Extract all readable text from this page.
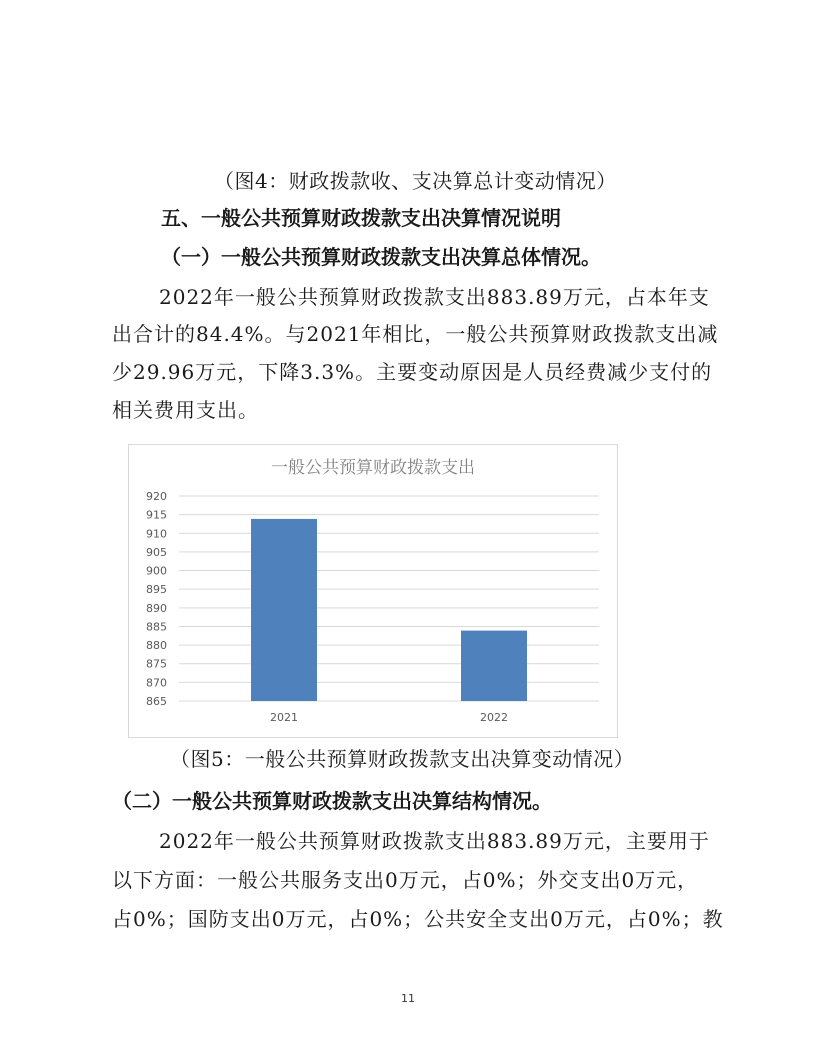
（图4：财政拨款收、支决算总计变动情况）
五、一般公共预算财政拨款支出决算情况说明
（一）一般公共预算财政拨款支出决算总体情况。
2022年一般公共预算财政拨款支出883.89万元，占本年支
出合计的84.4%。与2021年相比，一般公共预算财政拨款支出减
少29.96万元，下降3.3%。主要变动原因是人员经费减少支付的
相关费用支出。
一般公共预算财政拨款支出
865
870
875
880
885
890
895
900
905
910
915
920
2021	2022
（图5：一般公共预算财政拨款支出决算变动情况）
（二）一般公共预算财政拨款支出决算结构情况。
2022年一般公共预算财政拨款支出883.89万元，主要用于
以下方面：一般公共服务支出0万元，占0%；外交支出0万元，
占0%；国防支出0万元，占0%；公共安全支出0万元，占0%；教
11
